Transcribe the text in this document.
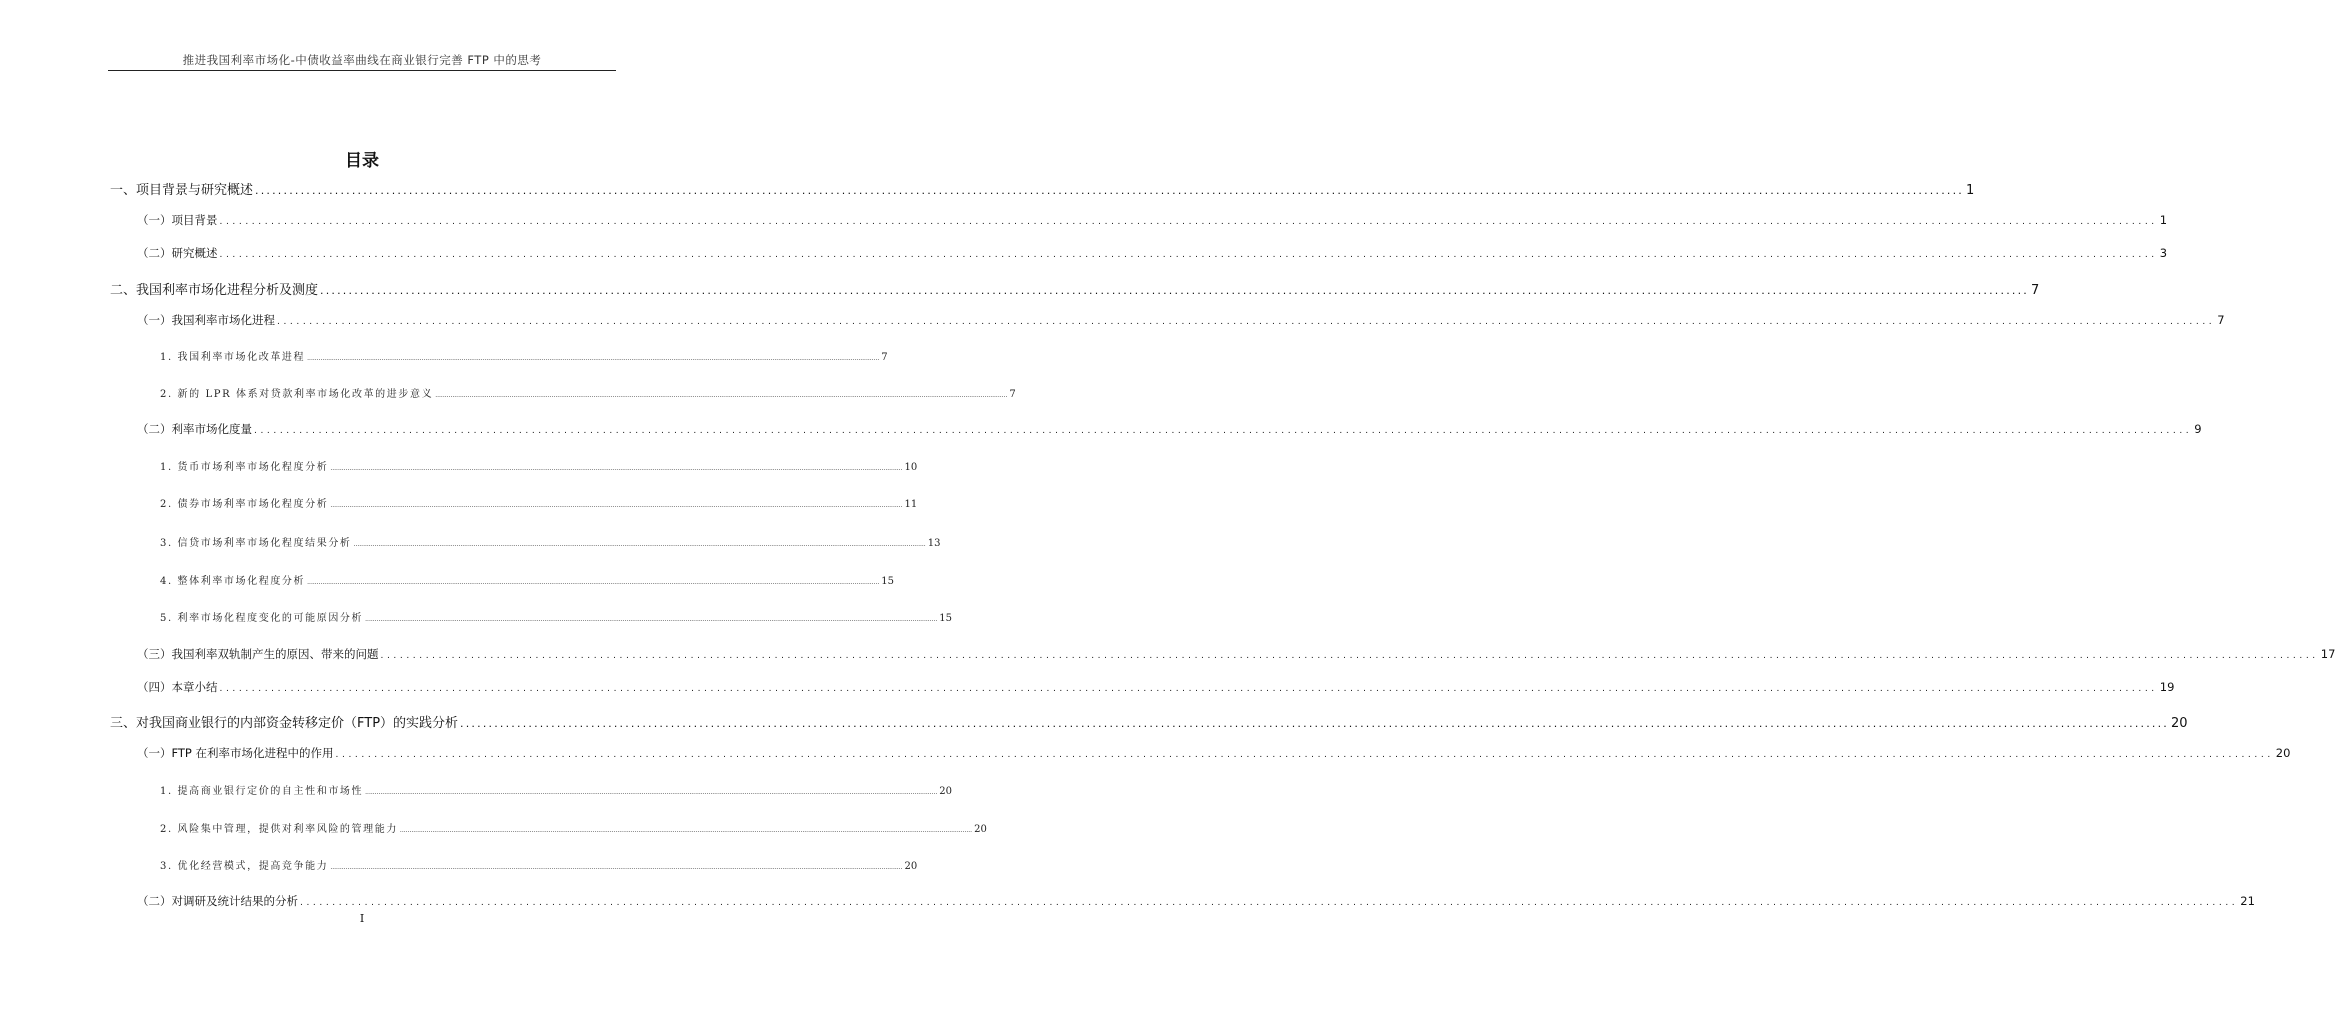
推进我国利率市场化-中债收益率曲线在商业银行完善 FTP 中的思考
目录
一、项目背景与研究概述 ............................................................................................................................................................................................................................................................................................................ 1
（一）项目背景 ............................................................................................................................................................................................................................................................................................................ 1
（二）研究概述 ............................................................................................................................................................................................................................................................................................................ 3
二、我国利率市场化进程分析及测度 ............................................................................................................................................................................................................................................................................................................ 7
（一）我国利率市场化进程 ............................................................................................................................................................................................................................................................................................................ 7
1. 我国利率市场化改革进程 ............................................................................................................................................................................................................................................................................................................ 7
2. 新的 LPR 体系对贷款利率市场化改革的进步意义 ............................................................................................................................................................................................................................................................................................................ 7
（二）利率市场化度量 ............................................................................................................................................................................................................................................................................................................ 9
1. 货币市场利率市场化程度分析 ............................................................................................................................................................................................................................................................................................................ 10
2. 债券市场利率市场化程度分析 ............................................................................................................................................................................................................................................................................................................ 11
3. 信贷市场利率市场化程度结果分析 ............................................................................................................................................................................................................................................................................................................ 13
4. 整体利率市场化程度分析 ............................................................................................................................................................................................................................................................................................................ 15
5. 利率市场化程度变化的可能原因分析 ............................................................................................................................................................................................................................................................................................................ 15
（三）我国利率双轨制产生的原因、带来的问题 ............................................................................................................................................................................................................................................................................................................ 17
（四）本章小结 ............................................................................................................................................................................................................................................................................................................ 19
三、对我国商业银行的内部资金转移定价（FTP）的实践分析 ............................................................................................................................................................................................................................................................................................................ 20
（一）FTP 在利率市场化进程中的作用 ............................................................................................................................................................................................................................................................................................................ 20
1. 提高商业银行定价的自主性和市场性 ............................................................................................................................................................................................................................................................................................................ 20
2. 风险集中管理，提供对利率风险的管理能力 ............................................................................................................................................................................................................................................................................................................ 20
3. 优化经营模式，提高竞争能力 ............................................................................................................................................................................................................................................................................................................ 20
（二）对调研及统计结果的分析 ............................................................................................................................................................................................................................................................................................................ 21
I
